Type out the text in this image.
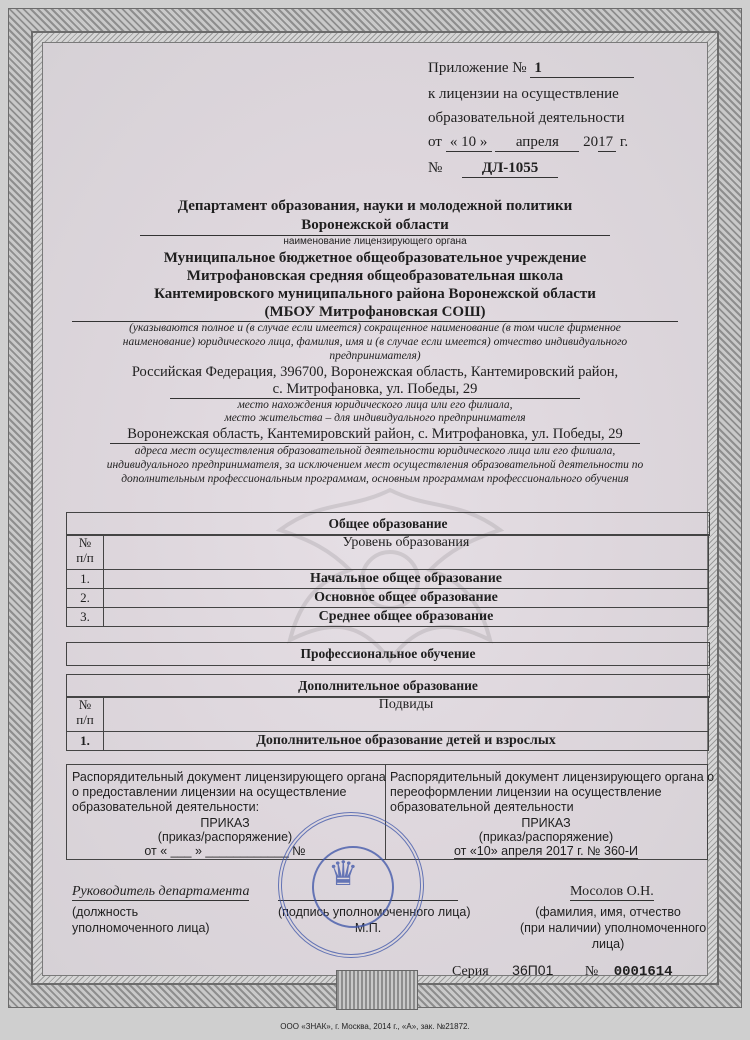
Приложение № 1
к лицензии на осуществление
образовательной деятельности
от « 10 » апреля 2017 г.
№	ДЛ-1055
Департамент образования, науки и молодежной политики
Воронежской области
наименование лицензирующего органа
Муниципальное бюджетное общеобразовательное учреждение
Митрофановская средняя общеобразовательная школа
Кантемировского муниципального района Воронежской области
(МБОУ Митрофановская СОШ)
(указываются полное и (в случае если имеется) сокращенное наименование (в том числе фирменное
наименование) юридического лица, фамилия, имя и (в случае если имеется) отчество индивидуального
предпринимателя)
Российская Федерация, 396700, Воронежская область, Кантемировский район,
с. Митрофановка, ул. Победы, 29
место нахождения юридического лица или его филиала,
место жительства – для индивидуального предпринимателя
Воронежская область, Кантемировский район, с. Митрофановка, ул. Победы, 29
адреса мест осуществления образовательной деятельности юридического лица или его филиала,
индивидуального предпринимателя, за исключением мест осуществления образовательной деятельности по
дополнительным профессиональным программам, основным программам профессионального обучения
Общее образование
№
п/п	Уровень образования
1.	Начальное общее образование
2.	Основное общее образование
3.	Среднее общее образование
Профессиональное обучение
Дополнительное образование
№
п/п	Подвиды
1.	Дополнительное образование детей и взрослых
Распорядительный документ лицензирующего органа
о предоставлении лицензии на осуществление
образовательной деятельности:
ПРИКАЗ
(приказ/распоряжение)
от « ___ » ____________ №
Распорядительный документ лицензирующего органа о
переоформлении лицензии на осуществление
образовательной деятельности
ПРИКАЗ
(приказ/распоряжение)
от «10» апреля 2017 г. № 360-И
Руководитель департамента
(должность
уполномоченного лица)
(подпись уполномоченного лица)
М.П.
Мосолов О.Н.
(фамилия, имя, отчество
(при наличии) уполномоченного
лица)
♛
Серия 36П01 № 0001614
ООО «ЗНАК», г. Москва, 2014 г., «А», зак. №21872.
